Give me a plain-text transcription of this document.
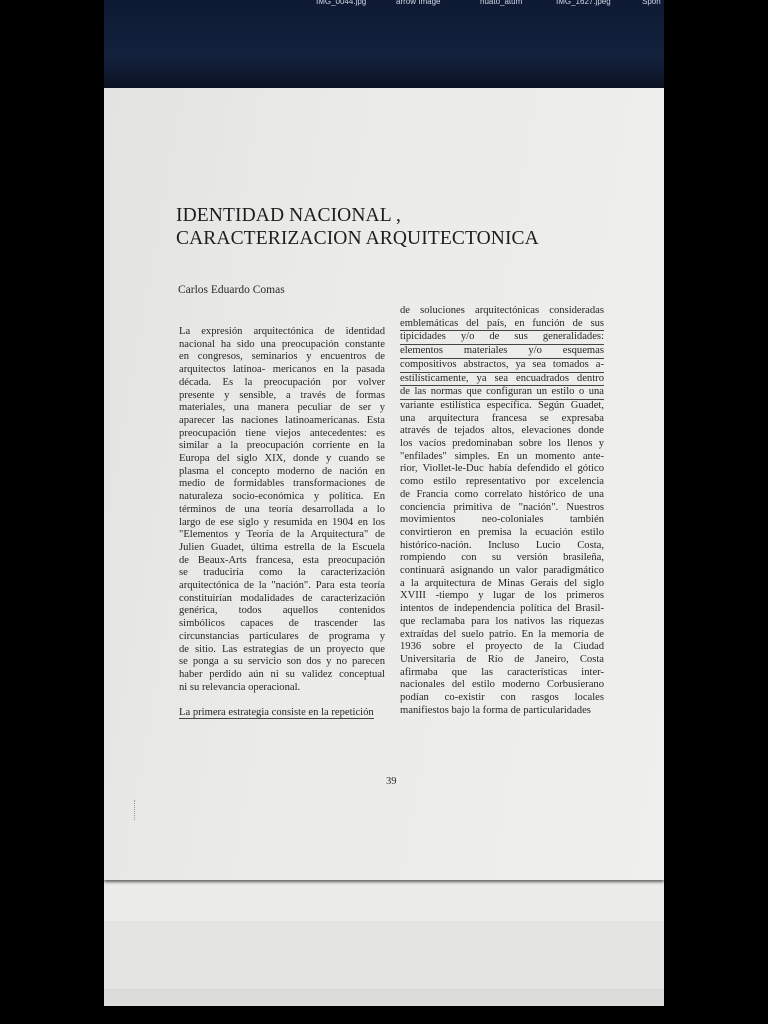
IMG_0044.jpg	arrow Image	huato_atum	IMG_1627.jpeg	Spon
IDENTIDAD NACIONAL ,
CARACTERIZACION ARQUITECTONICA
Carlos Eduardo Comas
La expresión arquitectónica de identidad
nacional ha sido una preocupación constante
en congresos, seminarios y encuentros de
arquitectos latinoa- mericanos en la pasada
década. Es la preocupación por volver
presente y sensible, a través de formas
materiales, una manera peculiar de ser y
aparecer las naciones latinoamericanas. Esta
preocupación tiene viejos antecedentes: es
similar a la preocupación corriente en la
Europa del siglo XIX, donde y cuando se
plasma el concepto moderno de nación en
medio de formidables transformaciones de
naturaleza socio-económica y política. En
términos de una teoría desarrollada a lo
largo de ese siglo y resumida en 1904 en los
"Elementos y Teoría de la Arquitectura" de
Julien Guadet, última estrella de la Escuela
de Beaux-Arts francesa, esta preocupación
se traduciría como la caracterización
arquitectónica de la "nación". Para esta teoría
constituirían modalidades de caracterización
genérica, todos aquellos contenidos
simbólicos capaces de trascender las
circunstancias particulares de programa y
de sitio. Las estrategias de un proyecto que
se ponga a su servicio son dos y no parecen
haber perdido aún ni su validez conceptual
ni su relevancia operacional.
La primera estrategia consiste en la repetición
de soluciones arquitectónicas consideradas
emblemáticas del país, en función de sus
tipicidades y/o de sus generalidades:
elementos materiales y/o esquemas
compositivos abstractos, ya sea tomados a-
estilísticamente, ya sea encuadrados dentro
de las normas que configuran un estilo o una
variante estilística específica. Según Guadet,
una arquitectura francesa se expresaba
através de tejados altos, elevaciones donde
los vacíos predominaban sobre los llenos y
"enfilades" simples. En un momento ante-
rior, Viollet-le-Duc había defendido el gótico
como estilo representativo por excelencia
de Francia como correlato histórico de una
conciencia primitiva de "nación". Nuestros
movimientos neo-coloniales también
convirtieron en premisa la ecuación estilo
histórico-nación. Incluso Lucio Costa,
rompiendo con su versión brasileña,
continuará asignando un valor paradigmático
a la arquitectura de Minas Gerais del siglo
XVIII -tiempo y lugar de los primeros
intentos de independencia política del Brasil-
que reclamaba para los nativos las riquezas
extraídas del suelo patrio. En la memoria de
1936 sobre el proyecto de la Ciudad
Universitaria de Río de Janeiro, Costa
afirmaba que las características inter-
nacionales del estilo moderno Corbusierano
podían co-existir con rasgos locales
manifiestos bajo la forma de particularidades
39
